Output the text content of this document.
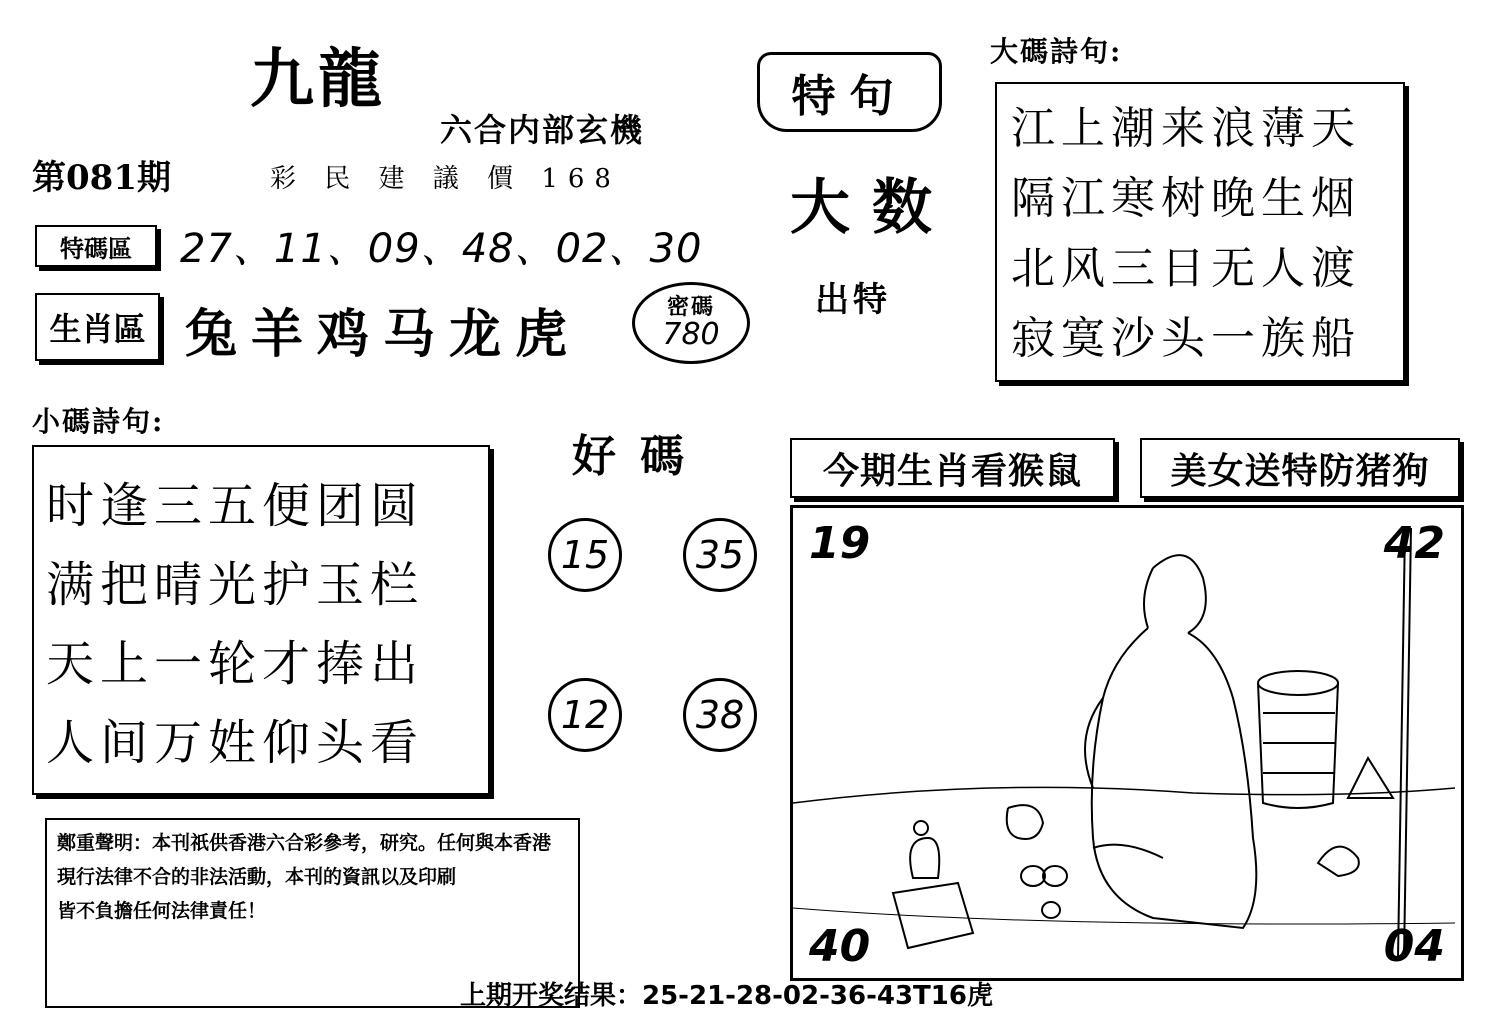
九龍
六合内部玄機
第081期	彩 民 建 議 價 168
特碼區	27、11、09、48、02、30
生肖區 兔羊鸡马龙虎	密碼
780
特句
大数
出特
大碼詩句:
江上潮来浪薄天
隔江寒树晚生烟
北风三日无人渡
寂寞沙头一族船
小碼詩句:
时逢三五便团圆
满把晴光护玉栏
天上一轮才捧出
人间万姓仰头看
好碼
15	35
12	38
今期生肖看猴鼠	美女送特防猪狗
19	42
40	04
鄭重聲明：本刊祇供香港六合彩參考，研究。任何與本香港
現行法律不合的非法活動，本刊的資訊以及印刷
皆不負擔任何法律責任！
上期开奖结果：25-21-28-02-36-43T16虎
